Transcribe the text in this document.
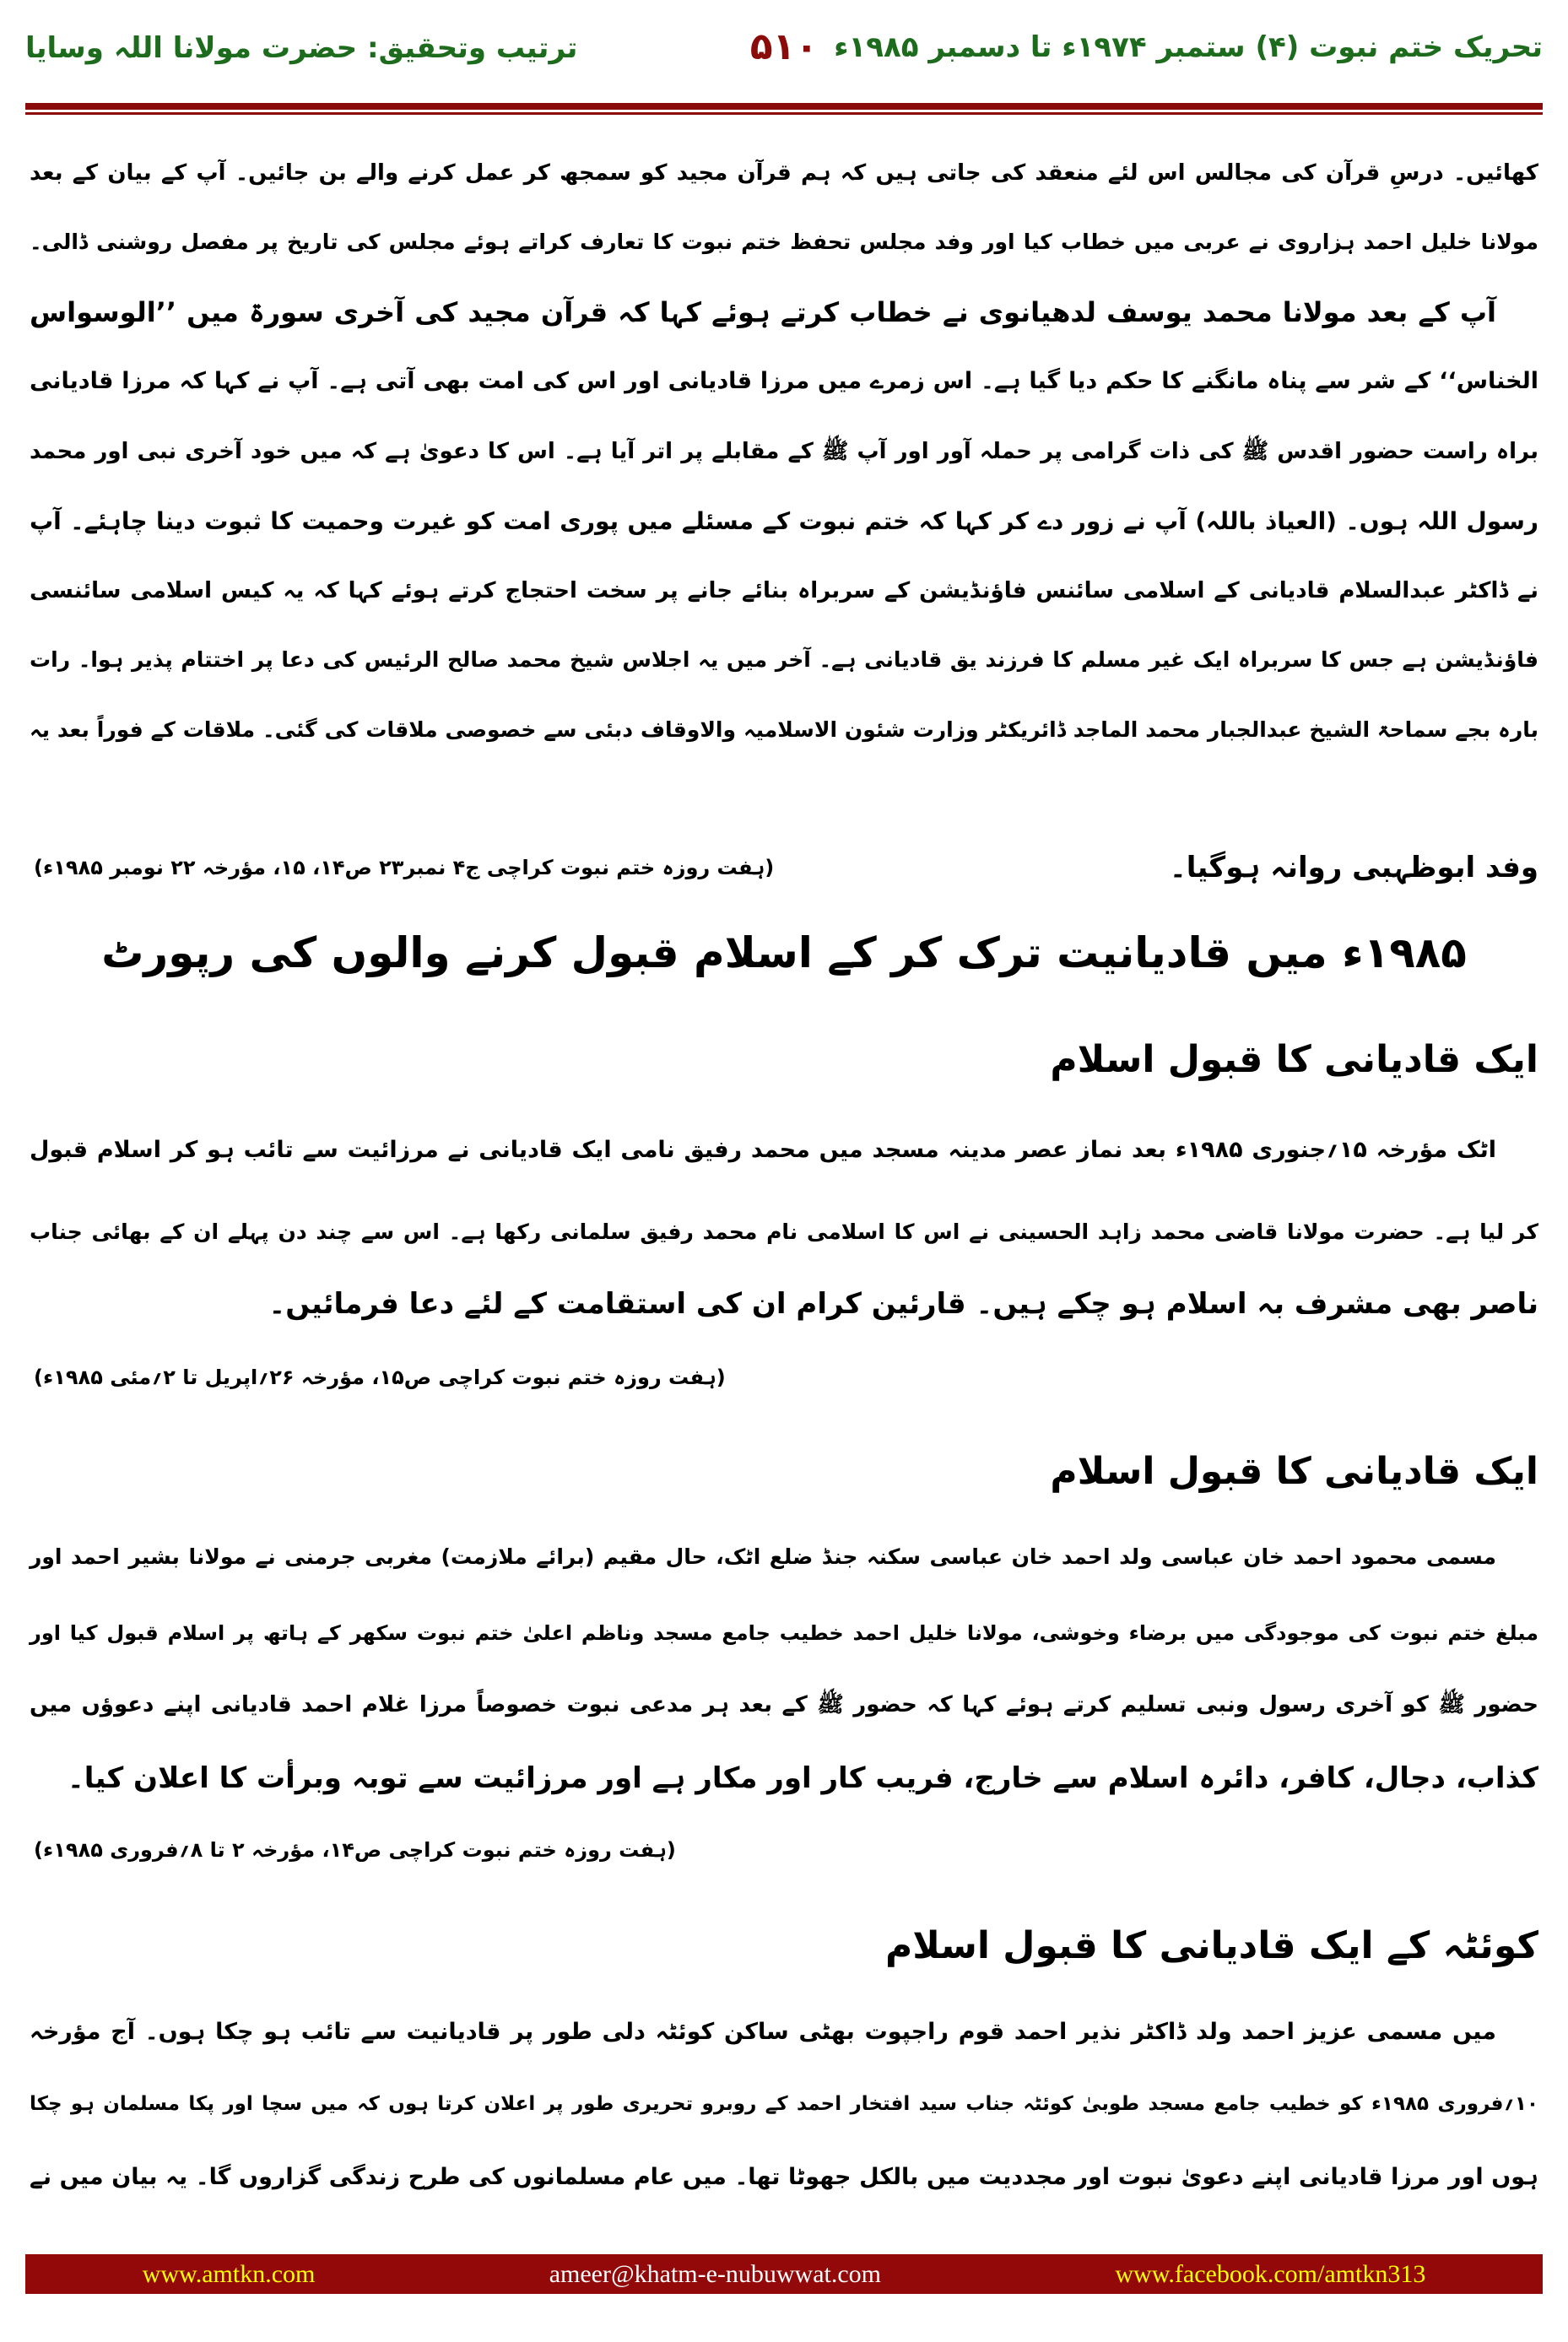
تحریک ختم نبوت (۴) ستمبر ۱۹۷۴ء تا دسمبر ۱۹۸۵ء
۵۱۰
ترتیب وتحقیق: حضرت مولانا اللہ وسایا
کھائیں۔ درسِ قرآن کی مجالس اس لئے منعقد کی جاتی ہیں کہ ہم قرآن مجید کو سمجھ کر عمل کرنے والے بن جائیں۔ آپ کے بیان کے بعد
مولانا خلیل احمد ہزاروی نے عربی میں خطاب کیا اور وفد مجلس تحفظ ختم نبوت کا تعارف کراتے ہوئے مجلس کی تاریخ پر مفصل روشنی ڈالی۔
آپ کے بعد مولانا محمد یوسف لدھیانوی نے خطاب کرتے ہوئے کہا کہ قرآن مجید کی آخری سورۃ میں ’’الوسواس
الخناس‘‘ کے شر سے پناہ مانگنے کا حکم دیا گیا ہے۔ اس زمرے میں مرزا قادیانی اور اس کی امت بھی آتی ہے۔ آپ نے کہا کہ مرزا قادیانی
براہ راست حضور اقدس ﷺ کی ذات گرامی پر حملہ آور اور آپ ﷺ کے مقابلے پر اتر آیا ہے۔ اس کا دعویٰ ہے کہ میں خود آخری نبی اور محمد
رسول اللہ ہوں۔ (العیاذ باللہ) آپ نے زور دے کر کہا کہ ختم نبوت کے مسئلے میں پوری امت کو غیرت وحمیت کا ثبوت دینا چاہئے۔ آپ
نے ڈاکٹر عبدالسلام قادیانی کے اسلامی سائنس فاؤنڈیشن کے سربراہ بنائے جانے پر سخت احتجاج کرتے ہوئے کہا کہ یہ کیس اسلامی سائنسی
فاؤنڈیشن ہے جس کا سربراہ ایک غیر مسلم کا فرزند یق قادیانی ہے۔ آخر میں یہ اجلاس شیخ محمد صالح الرئیس کی دعا پر اختتام پذیر ہوا۔ رات
بارہ بجے سماحۃ الشیخ عبدالجبار محمد الماجد ڈائریکٹر وزارت شئون الاسلامیہ والاوقاف دبئی سے خصوصی ملاقات کی گئی۔ ملاقات کے فوراً بعد یہ
وفد ابوظہبی روانہ ہوگیا۔
(ہفت روزہ ختم نبوت کراچی ج۴ نمبر۲۳ ص۱۴، ۱۵، مؤرخہ ۲۲ نومبر ۱۹۸۵ء)
۱۹۸۵ء میں قادیانیت ترک کر کے اسلام قبول کرنے والوں کی رپورٹ
ایک قادیانی کا قبول اسلام
اٹک مؤرخہ ۱۵؍جنوری ۱۹۸۵ء بعد نماز عصر مدینہ مسجد میں محمد رفیق نامی ایک قادیانی نے مرزائیت سے تائب ہو کر اسلام قبول
کر لیا ہے۔ حضرت مولانا قاضی محمد زاہد الحسینی نے اس کا اسلامی نام محمد رفیق سلمانی رکھا ہے۔ اس سے چند دن پہلے ان کے بھائی جناب
ناصر بھی مشرف بہ اسلام ہو چکے ہیں۔ قارئین کرام ان کی استقامت کے لئے دعا فرمائیں۔
(ہفت روزہ ختم نبوت کراچی ص۱۵، مؤرخہ ۲۶؍اپریل تا ۲؍مئی ۱۹۸۵ء)
ایک قادیانی کا قبول اسلام
مسمی محمود احمد خان عباسی ولد احمد خان عباسی سکنہ جنڈ ضلع اٹک، حال مقیم (برائے ملازمت) مغربی جرمنی نے مولانا بشیر احمد اور
مبلغ ختم نبوت کی موجودگی میں برضاء وخوشی، مولانا خلیل احمد خطیب جامع مسجد وناظم اعلیٰ ختم نبوت سکھر کے ہاتھ پر اسلام قبول کیا اور
حضور ﷺ کو آخری رسول ونبی تسلیم کرتے ہوئے کہا کہ حضور ﷺ کے بعد ہر مدعی نبوت خصوصاً مرزا غلام احمد قادیانی اپنے دعوؤں میں
کذاب، دجال، کافر، دائرہ اسلام سے خارج، فریب کار اور مکار ہے اور مرزائیت سے توبہ وبرأت کا اعلان کیا۔
(ہفت روزہ ختم نبوت کراچی ص۱۴، مؤرخہ ۲ تا ۸؍فروری ۱۹۸۵ء)
کوئٹہ کے ایک قادیانی کا قبول اسلام
میں مسمی عزیز احمد ولد ڈاکٹر نذیر احمد قوم راجپوت بھٹی ساکن کوئٹہ دلی طور پر قادیانیت سے تائب ہو چکا ہوں۔ آج مؤرخہ
۱۰؍فروری ۱۹۸۵ء کو خطیب جامع مسجد طوبیٰ کوئٹہ جناب سید افتخار احمد کے روبرو تحریری طور پر اعلان کرتا ہوں کہ میں سچا اور پکا مسلمان ہو چکا
ہوں اور مرزا قادیانی اپنے دعویٰ نبوت اور مجددیت میں بالکل جھوٹا تھا۔ میں عام مسلمانوں کی طرح زندگی گزاروں گا۔ یہ بیان میں نے
www.amtkn.com	ameer@khatm-e-nubuwwat.com	www.facebook.com/amtkn313
